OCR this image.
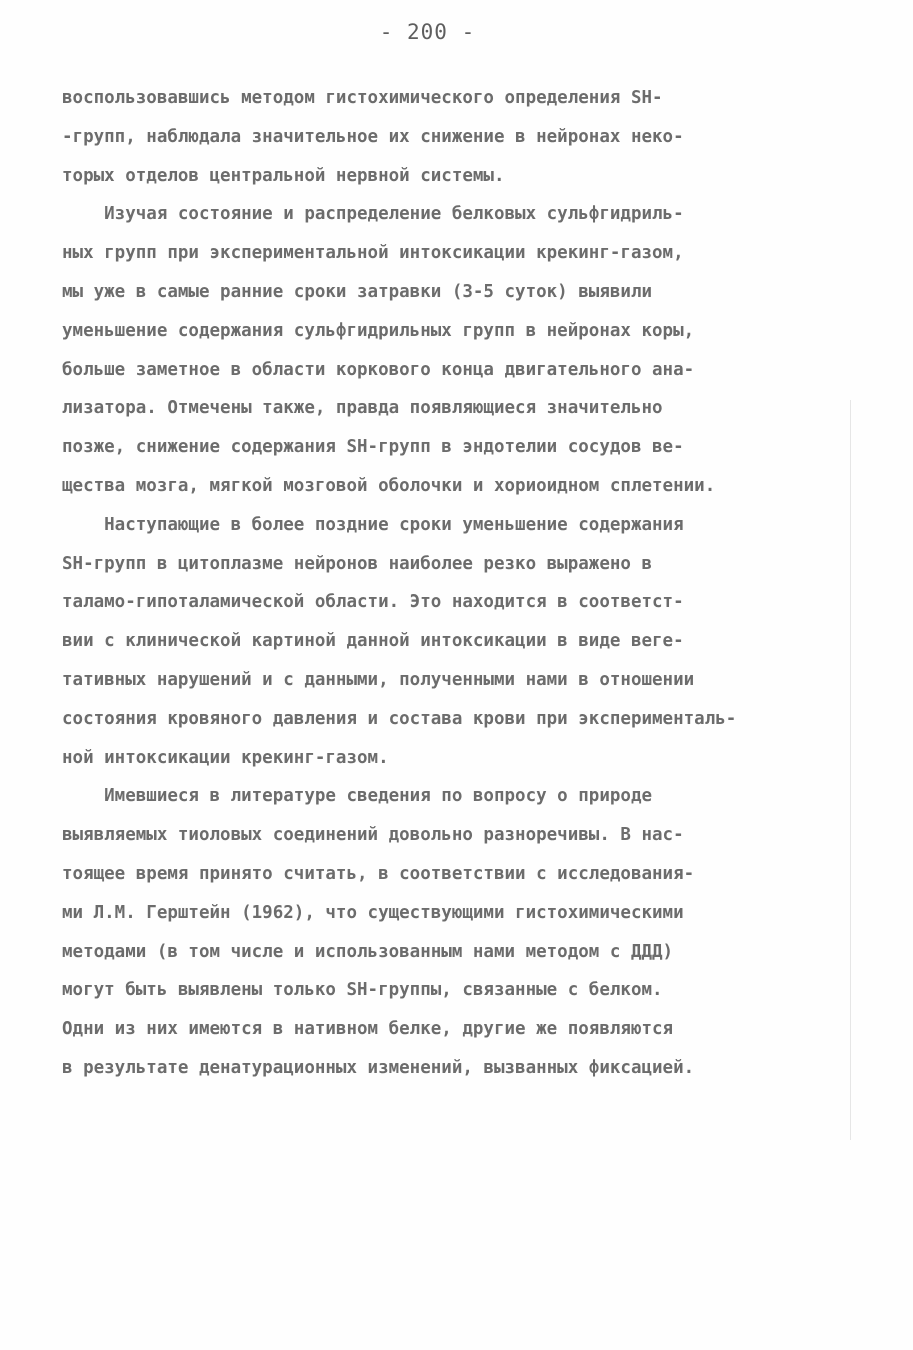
- 200 -
воспользовавшись методом гистохимического определения SH-
-групп, наблюдала значительное их снижение в нейронах неко-
торых отделов центральной нервной системы.
Изучая состояние и распределение белковых сульфгидриль-
ных групп при экспериментальной интоксикации крекинг-газом,
мы уже в самые ранние сроки затравки (3-5 суток) выявили
уменьшение содержания сульфгидрильных групп в нейронах коры,
больше заметное в области коркового конца двигательного ана-
лизатора. Отмечены также, правда появляющиеся значительно
позже, снижение содержания SH-групп в эндотелии сосудов ве-
щества мозга, мягкой мозговой оболочки и хориоидном сплетении.
Наступающие в более поздние сроки уменьшение содержания
SH-групп в цитоплазме нейронов наиболее резко выражено в
таламо-гипоталамической области. Это находится в соответст-
вии с клинической картиной данной интоксикации в виде веге-
тативных нарушений и с данными, полученными нами в отношении
состояния кровяного давления и состава крови при эксперименталь-
ной интоксикации крекинг-газом.
Имевшиеся в литературе сведения по вопросу о природе
выявляемых тиоловых соединений довольно разноречивы. В нас-
тоящее время принято считать, в соответствии с исследования-
ми Л.М. Герштейн (1962), что существующими гистохимическими
методами (в том числе и использованным нами методом с ДДД)
могут быть выявлены только SH-группы, связанные с белком.
Одни из них имеются в нативном белке, другие же появляются
в результате денатурационных изменений, вызванных фиксацией.
